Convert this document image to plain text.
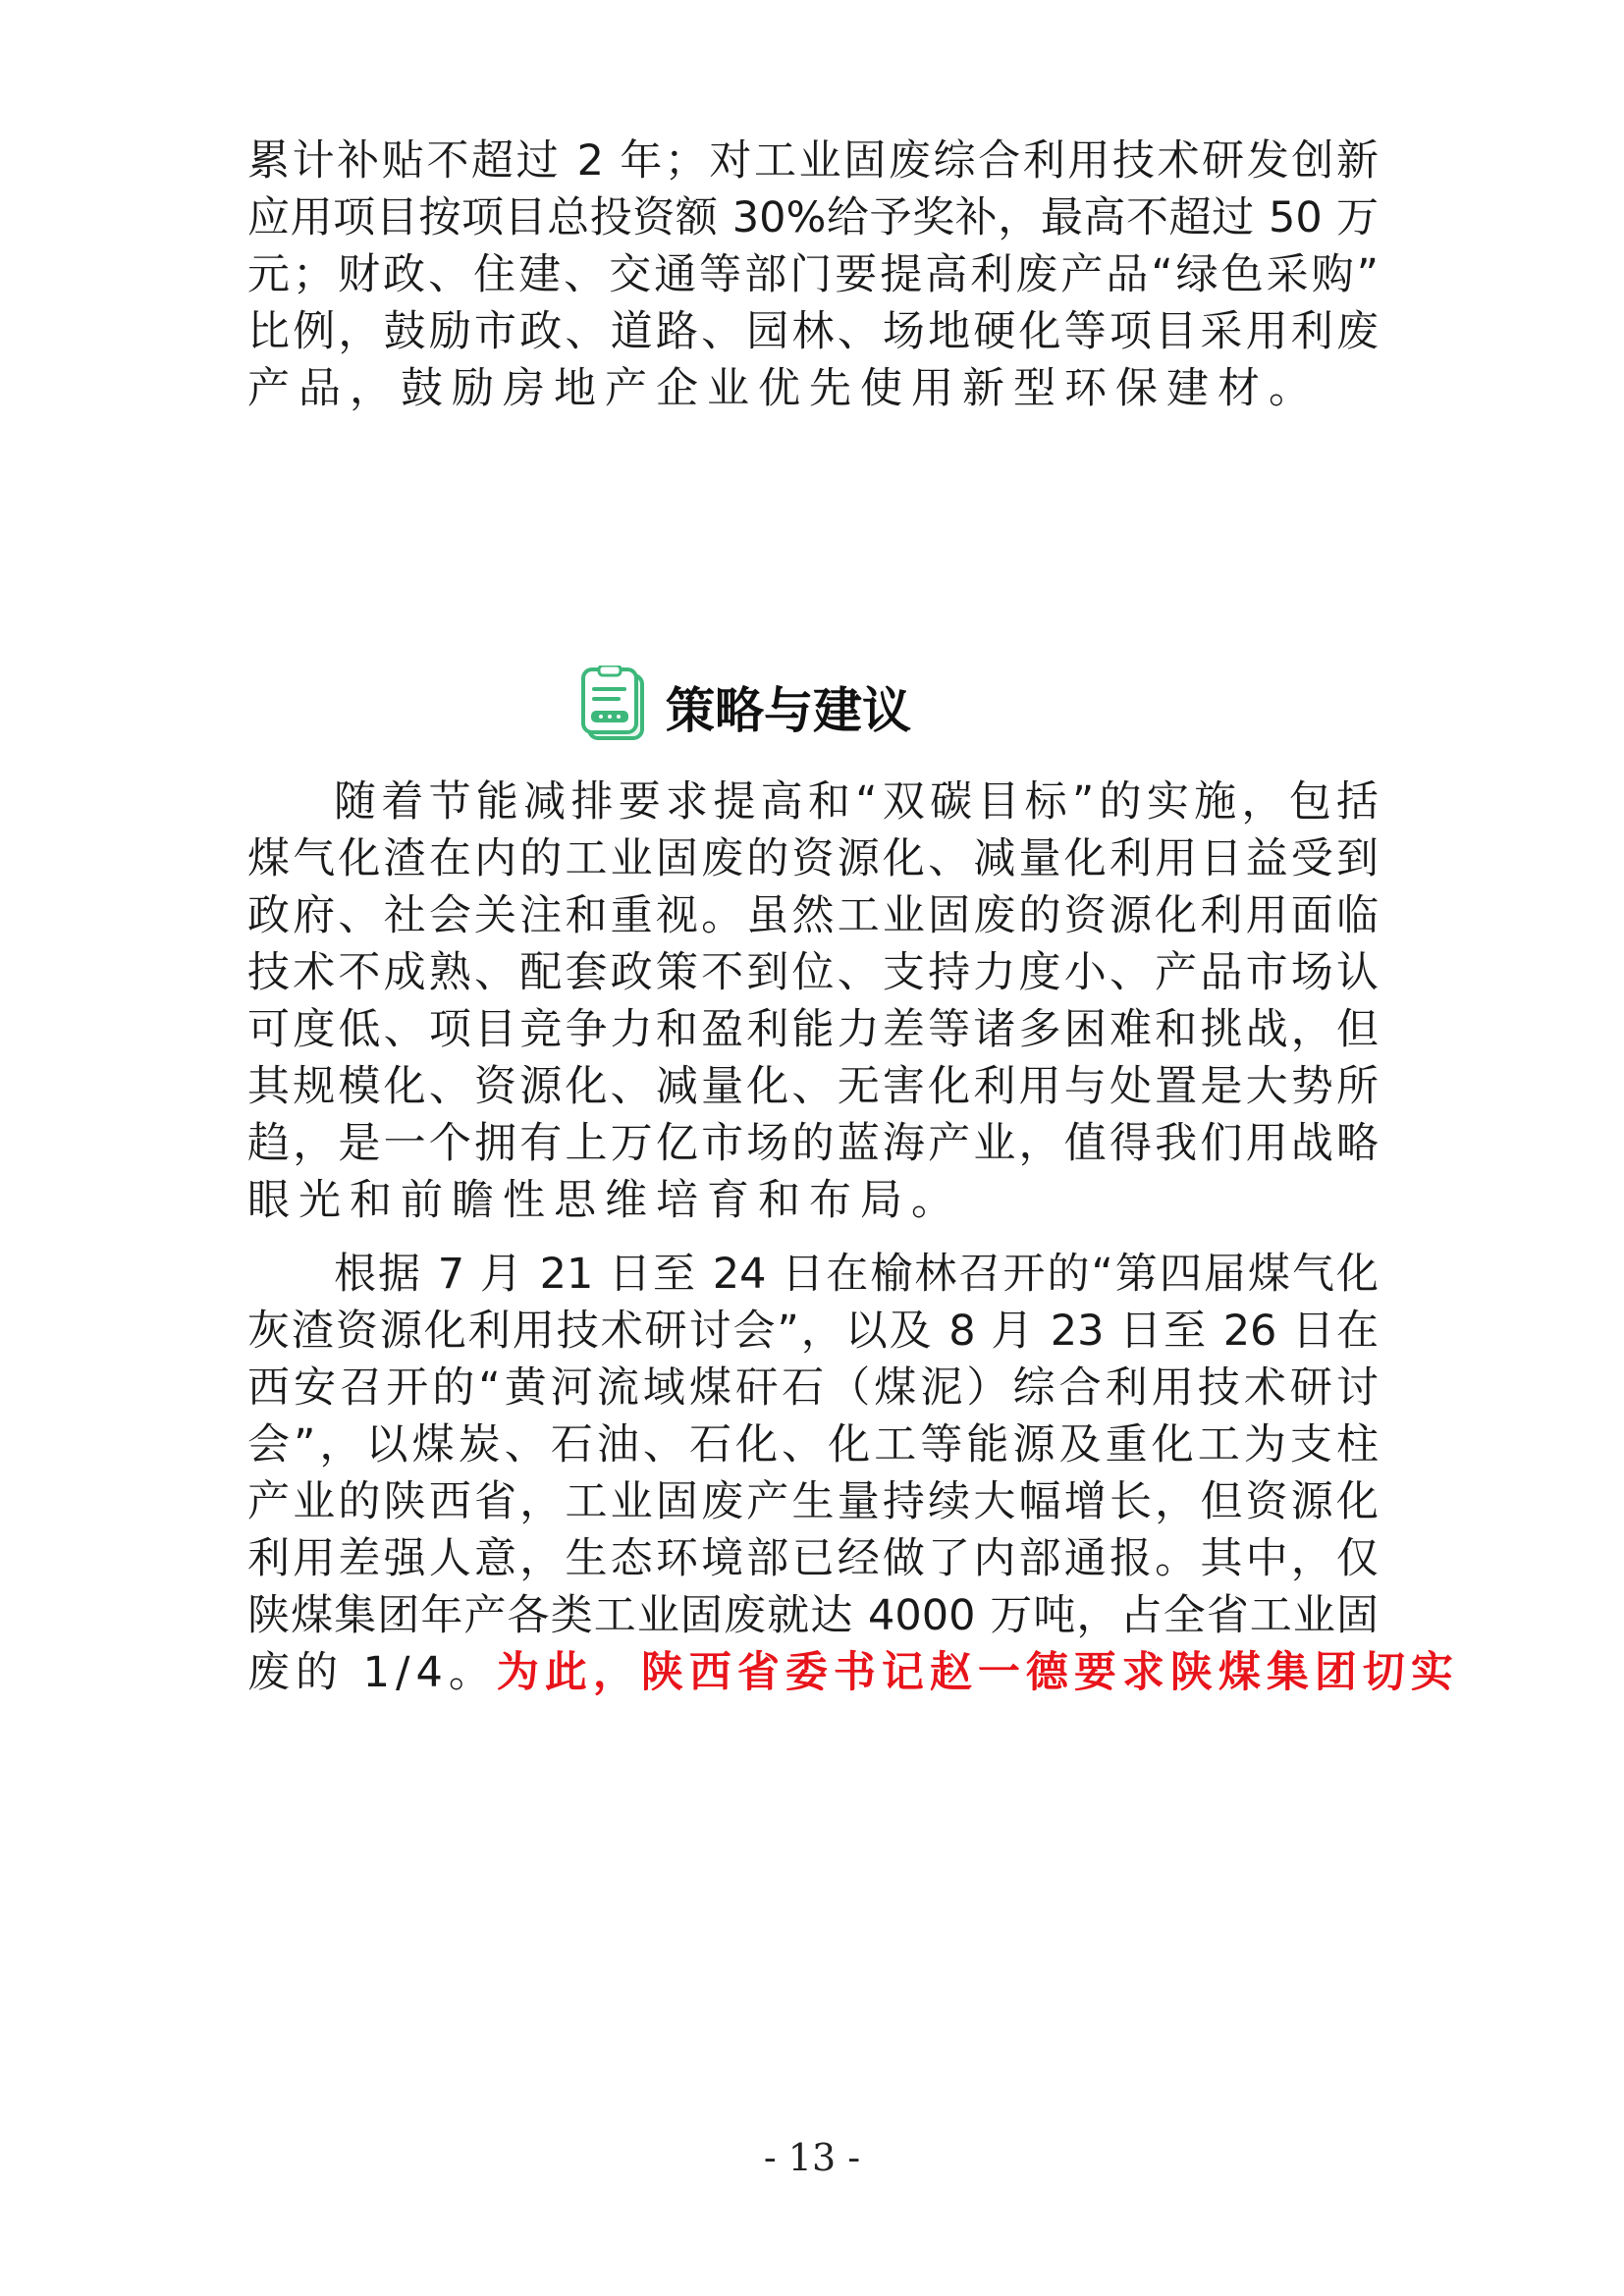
累计补贴不超过 2 年；对工业固废综合利用技术研发创新
应用项目按项目总投资额 30%给予奖补，最高不超过 50 万
元；财政、住建、交通等部门要提高利废产品“绿色采购”
比例，鼓励市政、道路、园林、场地硬化等项目采用利废
产品，鼓励房地产企业优先使用新型环保建材。
策略与建议
随着节能减排要求提高和“双碳目标”的实施，包括
煤气化渣在内的工业固废的资源化、减量化利用日益受到
政府、社会关注和重视。虽然工业固废的资源化利用面临
技术不成熟、配套政策不到位、支持力度小、产品市场认
可度低、项目竞争力和盈利能力差等诸多困难和挑战，但
其规模化、资源化、减量化、无害化利用与处置是大势所
趋，是一个拥有上万亿市场的蓝海产业，值得我们用战略
眼光和前瞻性思维培育和布局。
根据 7 月 21 日至 24 日在榆林召开的“第四届煤气化
灰渣资源化利用技术研讨会”，以及 8 月 23 日至 26 日在
西安召开的“黄河流域煤矸石（煤泥）综合利用技术研讨
会”，以煤炭、石油、石化、化工等能源及重化工为支柱
产业的陕西省，工业固废产生量持续大幅增长，但资源化
利用差强人意，生态环境部已经做了内部通报。其中，仅
陕煤集团年产各类工业固废就达 4000 万吨，占全省工业固
废的 1/4。为此，陕西省委书记赵一德要求陕煤集团切实
- 13 -
